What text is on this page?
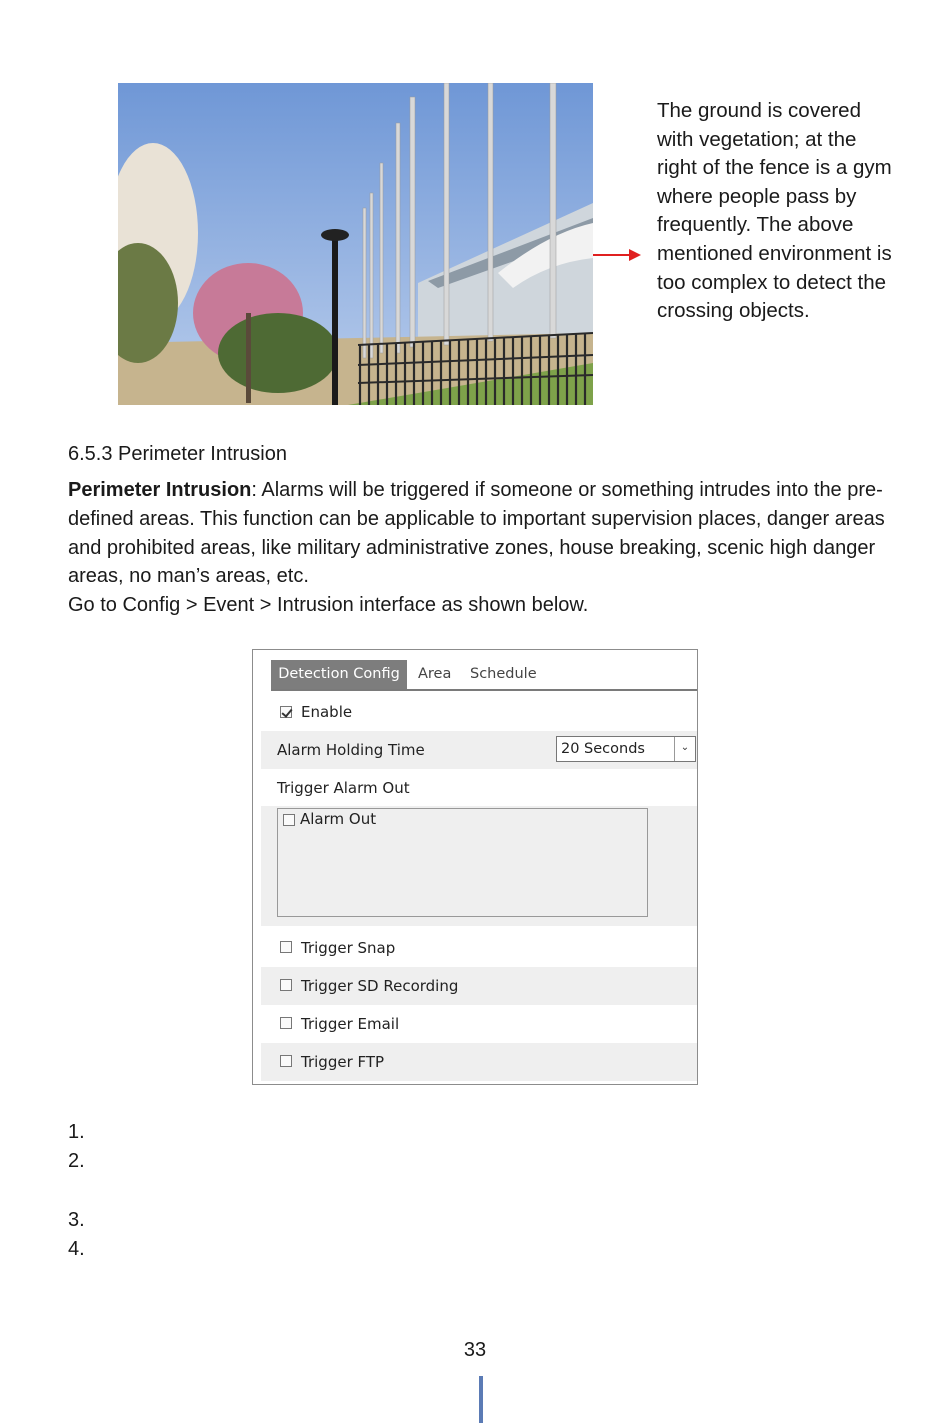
The ground is covered with vegetation; at the right of the fence is a gym where people pass by frequently. The above mentioned environment is too complex to detect the crossing objects.
6.5.3 Perimeter Intrusion
Perimeter Intrusion: Alarms will be triggered if someone or something intrudes into the pre-defined areas. This function can be applicable to important supervision places, danger areas and prohibited areas, like military administrative zones, house breaking, scenic high danger areas, no man’s areas, etc.
Go to Config > Event > Intrusion interface as shown below.
Detection Config	Area Schedule
Enable
Alarm Holding Time	20 Seconds	⌄
Trigger Alarm Out
Alarm Out
Trigger Snap
Trigger SD Recording
Trigger Email
Trigger FTP
1.
2.
3.
4.
33
